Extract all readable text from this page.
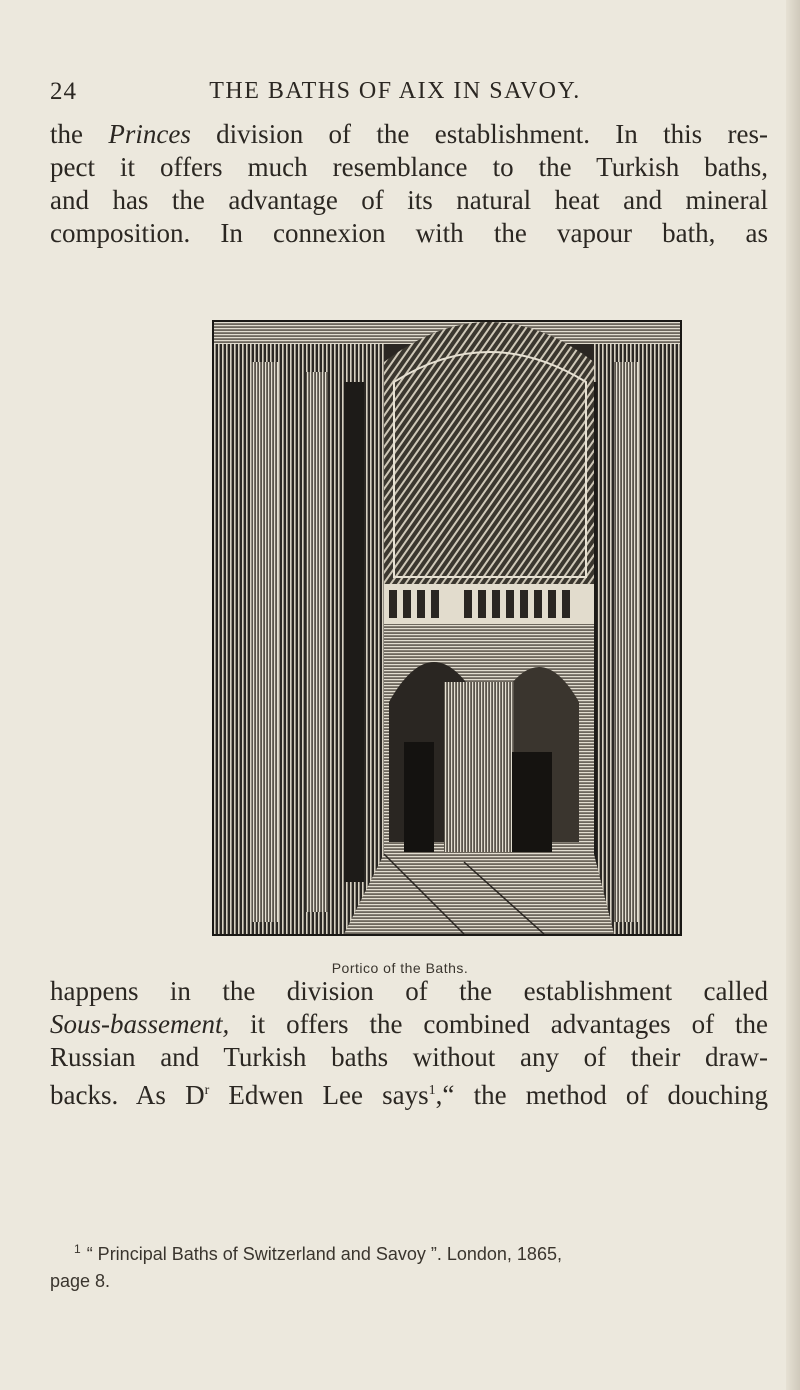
24	THE BATHS OF AIX IN SAVOY.

the Princes division of the establishment. In this res-
pect it offers much resemblance to the Turkish baths,
and has the advantage of its natural heat and mineral
composition. In connexion with the vapour bath, as

Portico of the Baths.

happens in the division of the establishment called
Sous-bassement, it offers the combined advantages of the
Russian and Turkish baths without any of their draw-
backs. As $D^r$ Edwen Lee says$^1$,“ the method of douching

$^1$ “ Principal Baths of Switzerland and Savoy ”. London, 1865,
page 8.
